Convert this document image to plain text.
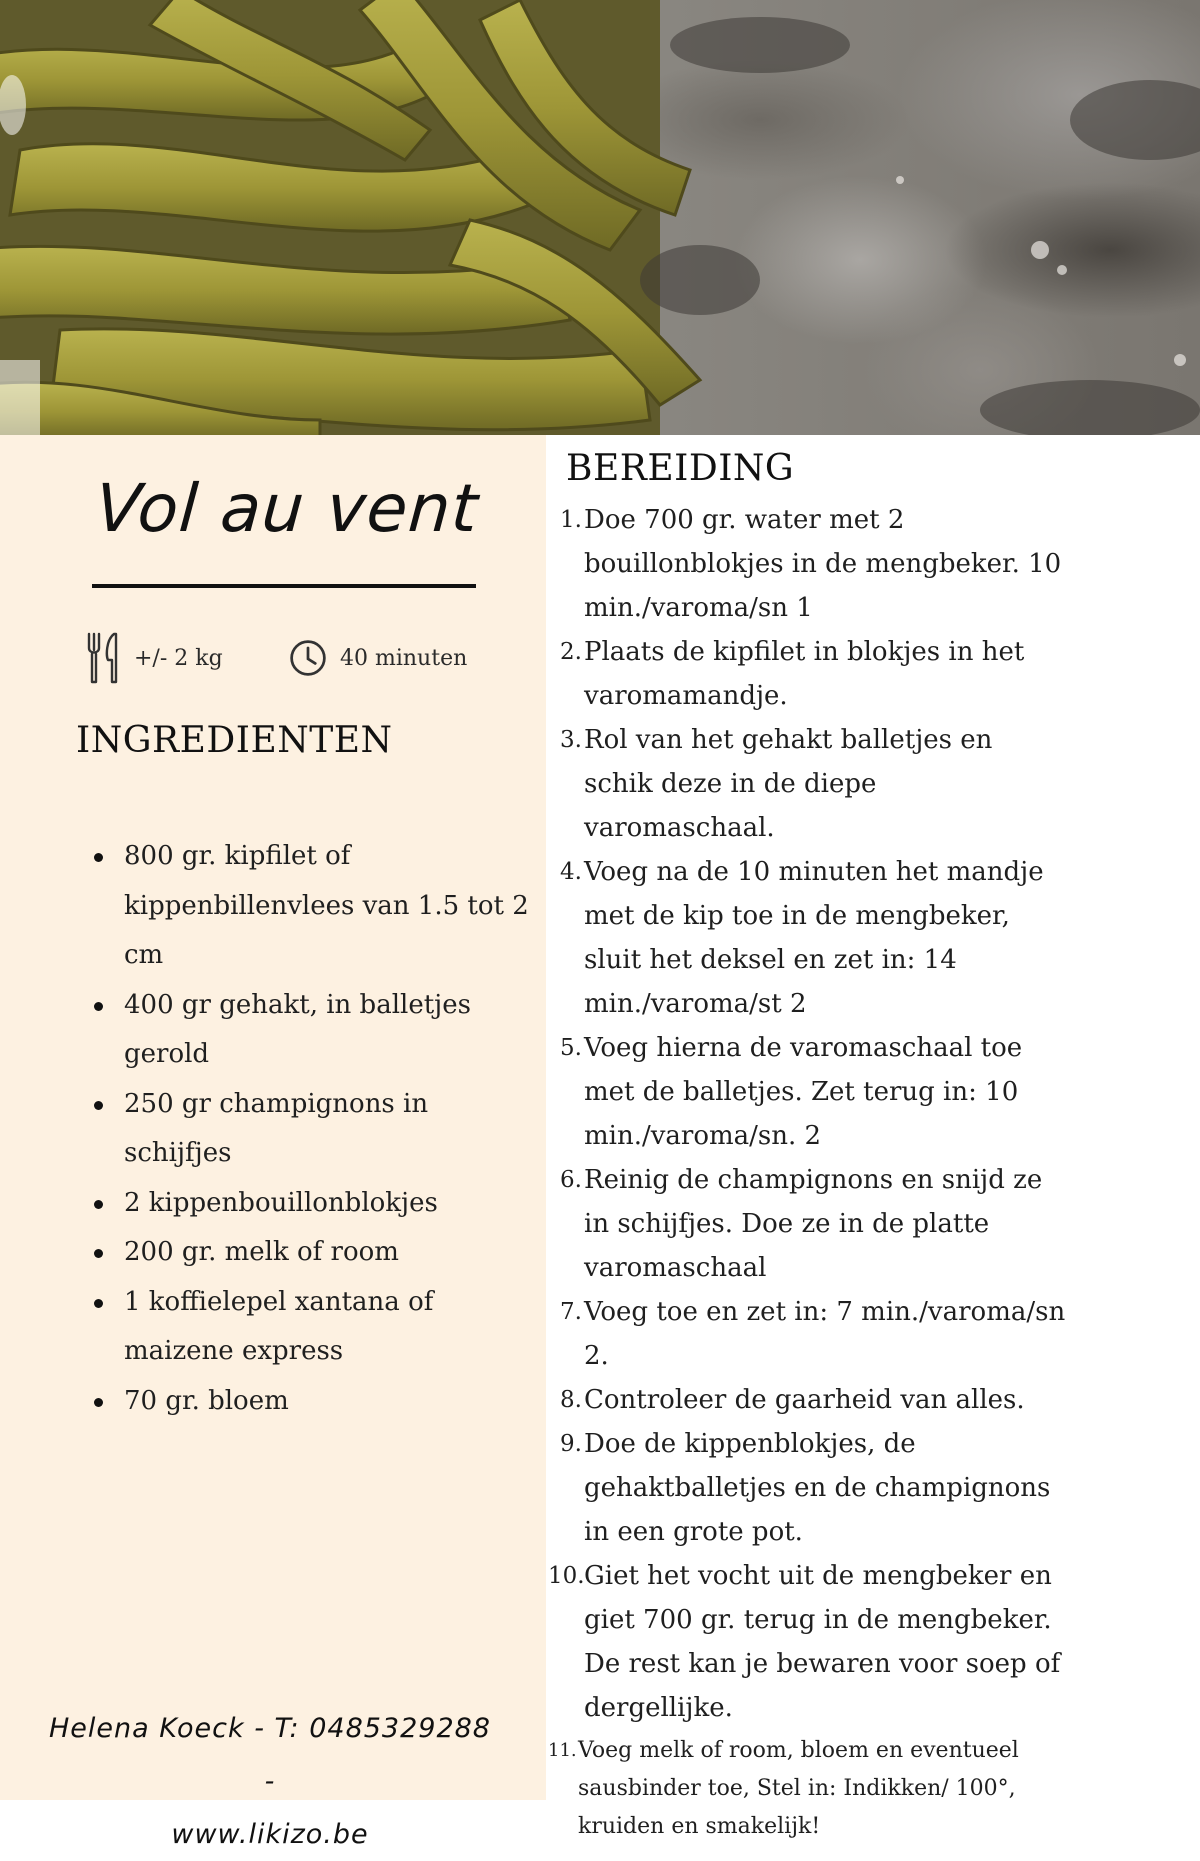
Vol au vent
+/- 2 kg	40 minuten
INGREDIENTEN
800 gr. kipfilet of kippenbillenvlees van 1.5 tot 2 cm
400 gr gehakt, in balletjes gerold
250 gr champignons in schijfjes
2 kippenbouillonblokjes
200 gr. melk of room
1 koffielepel xantana of maizene express
70 gr. bloem
BEREIDING
1. Doe 700 gr. water met 2 bouillonblokjes in de mengbeker. 10 min./varoma/sn 1
2. Plaats de kipfilet in blokjes in het varomamandje.
3. Rol van het gehakt balletjes en schik deze in de diepe varomaschaal.
4. Voeg na de 10 minuten het mandje met de kip toe in de mengbeker, sluit het deksel en zet in: 14 min./varoma/st 2
5. Voeg hierna de varomaschaal toe met de balletjes. Zet terug in: 10 min./varoma/sn. 2
6. Reinig de champignons en snijd ze in schijfjes. Doe ze in de platte varomaschaal
7. Voeg toe en zet in: 7 min./varoma/sn 2.
8. Controleer de gaarheid van alles.
9. Doe de kippenblokjes, de gehaktballetjes en de champignons in een grote pot.
10. Giet het vocht uit de mengbeker en giet 700 gr. terug in de mengbeker. De rest kan je bewaren voor soep of dergellijke.
11. Voeg melk of room, bloem en eventueel sausbinder toe, Stel in: Indikken/ 100°, kruiden en smakelijk!
Helena Koeck - T: 0485329288 -
www.likizo.be
